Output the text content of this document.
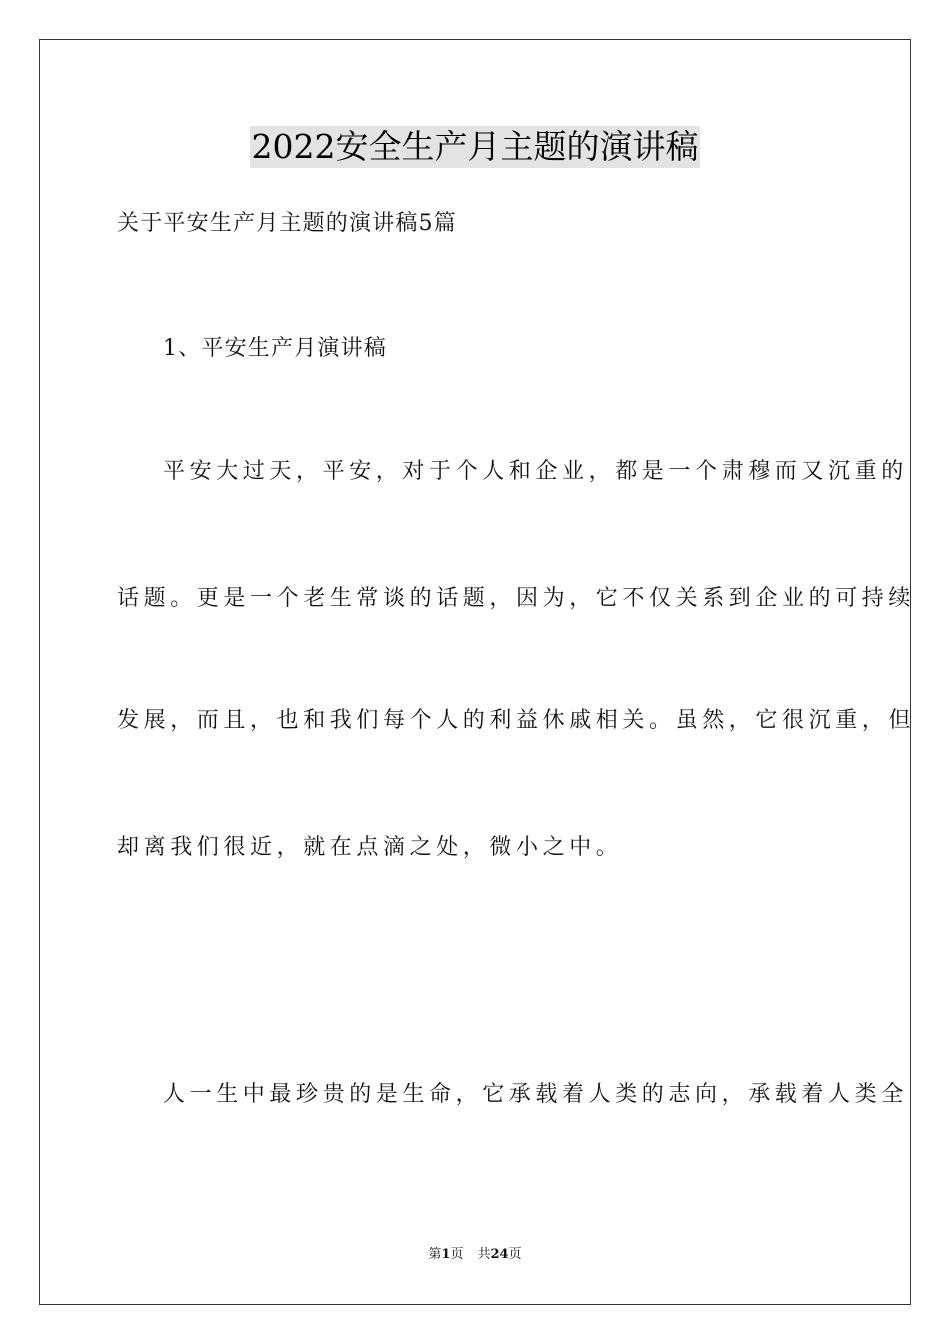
2022安全生产月主题的演讲稿
关于平安生产月主题的演讲稿5篇
1、平安生产月演讲稿
平安大过天，平安，对于个人和企业，都是一个肃穆而又沉重的
话题。更是一个老生常谈的话题，因为，它不仅关系到企业的可持续
发展，而且，也和我们每个人的利益休戚相关。虽然，它很沉重，但
却离我们很近，就在点滴之处，微小之中。
人一生中最珍贵的是生命，它承载着人类的志向，承载着人类全
第1页 共24页
